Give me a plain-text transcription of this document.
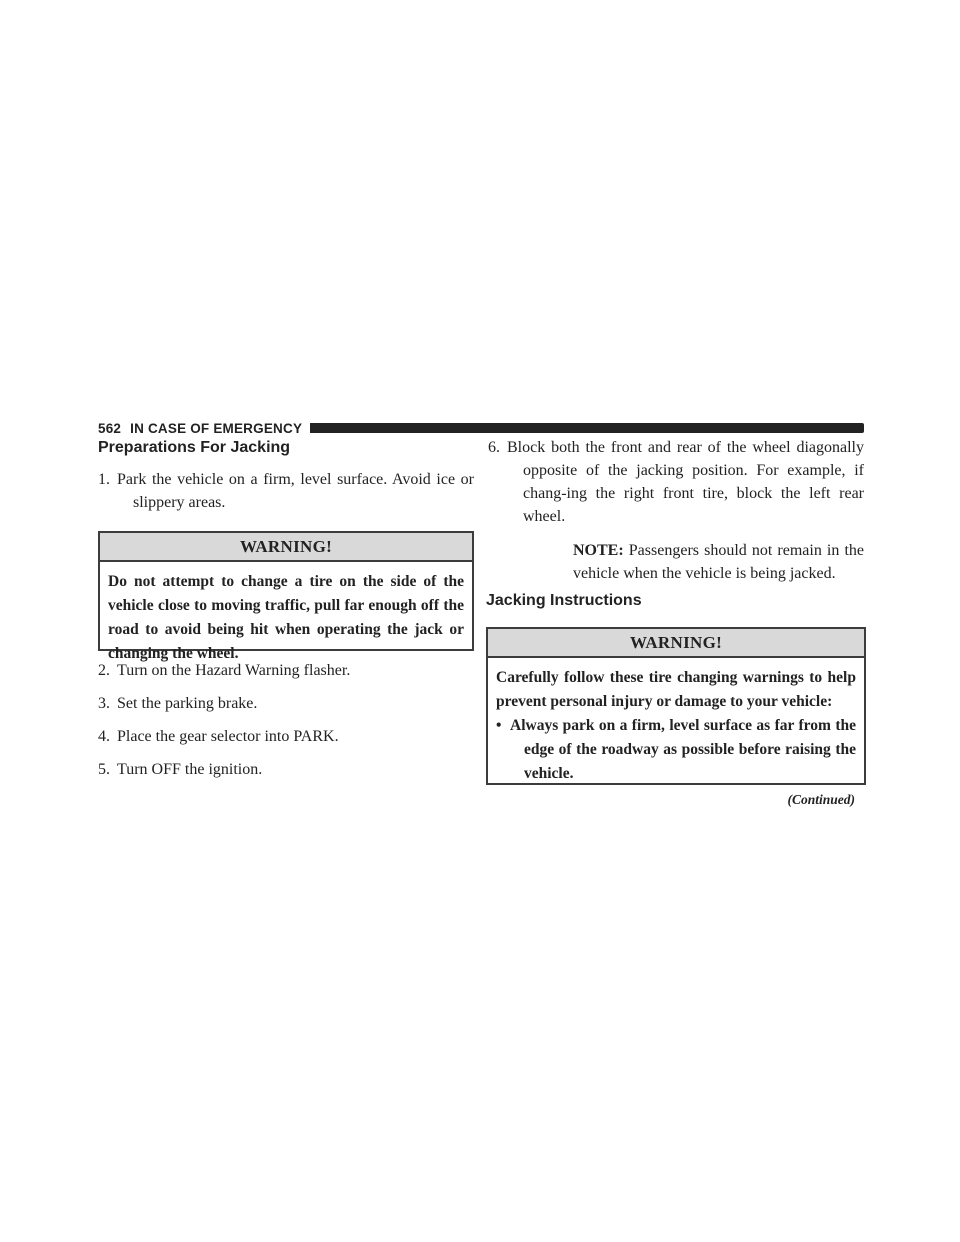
562 IN CASE OF EMERGENCY
Preparations For Jacking
1. Park the vehicle on a firm, level surface. Avoid ice or slippery areas.
WARNING!
Do not attempt to change a tire on the side of the vehicle close to moving traffic, pull far enough off the road to avoid being hit when operating the jack or changing the wheel.
2. Turn on the Hazard Warning flasher.
3. Set the parking brake.
4. Place the gear selector into PARK.
5. Turn OFF the ignition.
6. Block both the front and rear of the wheel diagonally opposite of the jacking position. For example, if chang-ing the right front tire, block the left rear wheel.
NOTE: Passengers should not remain in the vehicle when the vehicle is being jacked.
Jacking Instructions
WARNING!
Carefully follow these tire changing warnings to help prevent personal injury or damage to your vehicle:
• Always park on a firm, level surface as far from the edge of the roadway as possible before raising the vehicle.
(Continued)
